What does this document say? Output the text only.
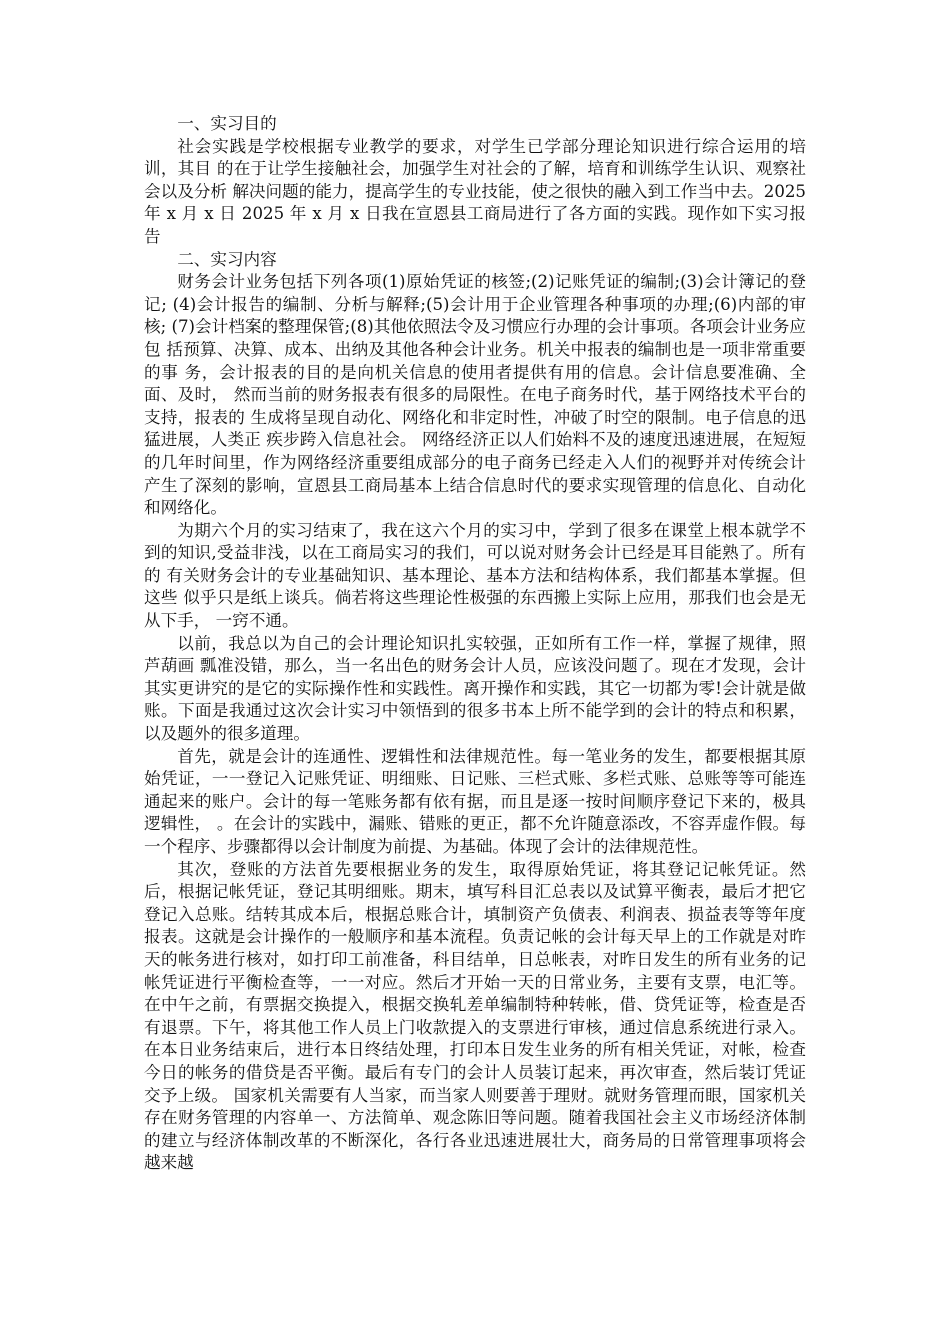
一、实习目的

社会实践是学校根据专业教学的要求，对学生已学部分理论知识进行综合运用的培训，其目 的在于让学生接触社会，加强学生对社会的了解，培育和训练学生认识、观察社会以及分析 解决问题的能力，提高学生的专业技能，使之很快的融入到工作当中去。2025 年 x 月 x 日 2025 年 x 月 x 日我在宣恩县工商局进行了各方面的实践。现作如下实习报告

二、实习内容

财务会计业务包括下列各项(1)原始凭证的核签;(2)记账凭证的编制;(3)会计簿记的登记; (4)会计报告的编制、分析与解释;(5)会计用于企业管理各种事项的办理;(6)内部的审核; (7)会计档案的整理保管;(8)其他依照法令及习惯应行办理的会计事项。各项会计业务应包 括预算、决算、成本、出纳及其他各种会计业务。机关中报表的编制也是一项非常重要的事 务，会计报表的目的是向机关信息的使用者提供有用的信息。会计信息要准确、全面、及时， 然而当前的财务报表有很多的局限性。在电子商务时代，基于网络技术平台的支持，报表的 生成将呈现自动化、网络化和非定时性，冲破了时空的限制。电子信息的迅猛进展，人类正 疾步跨入信息社会。 网络经济正以人们始料不及的速度迅速进展，在短短的几年时间里，作为网络经济重要组成部分的电子商务已经走入人们的视野并对传统会计产生了深刻的影响，宣恩县工商局基本上结合信息时代的要求实现管理的信息化、自动化和网络化。

为期六个月的实习结束了，我在这六个月的实习中，学到了很多在课堂上根本就学不到的知识,受益非浅，以在工商局实习的我们，可以说对财务会计已经是耳目能熟了。所有的 有关财务会计的专业基础知识、基本理论、基本方法和结构体系，我们都基本掌握。但这些 似乎只是纸上谈兵。倘若将这些理论性极强的东西搬上实际上应用，那我们也会是无从下手， 一窍不通。

以前，我总以为自己的会计理论知识扎实较强，正如所有工作一样，掌握了规律，照芦葫画 瓢准没错，那么，当一名出色的财务会计人员，应该没问题了。现在才发现，会计其实更讲究的是它的实际操作性和实践性。离开操作和实践，其它一切都为零!会计就是做账。下面是我通过这次会计实习中领悟到的很多书本上所不能学到的会计的特点和积累，以及题外的很多道理。

首先，就是会计的连通性、逻辑性和法律规范性。每一笔业务的发生，都要根据其原始凭证，一一登记入记账凭证、明细账、日记账、三栏式账、多栏式账、总账等等可能连通起来的账户。会计的每一笔账务都有依有据，而且是逐一按时间顺序登记下来的，极具逻辑性， 。在会计的实践中，漏账、错账的更正，都不允许随意添改，不容弄虚作假。每一个程序、步骤都得以会计制度为前提、为基础。体现了会计的法律规范性。

其次，登账的方法首先要根据业务的发生，取得原始凭证，将其登记记帐凭证。然后，根据记帐凭证，登记其明细账。期末，填写科目汇总表以及试算平衡表，最后才把它登记入总账。结转其成本后，根据总账合计，填制资产负债表、利润表、损益表等等年度报表。这就是会计操作的一般顺序和基本流程。负责记帐的会计每天早上的工作就是对昨天的帐务进行核对，如打印工前准备，科目结单，日总帐表，对昨日发生的所有业务的记帐凭证进行平衡检查等，一一对应。然后才开始一天的日常业务，主要有支票，电汇等。在中午之前，有票据交换提入，根据交换轧差单编制特种转帐，借、贷凭证等，检查是否有退票。下午，将其他工作人员上门收款提入的支票进行审核，通过信息系统进行录入。在本日业务结束后，进行本日终结处理，打印本日发生业务的所有相关凭证，对帐，检查今日的帐务的借贷是否平衡。最后有专门的会计人员装订起来，再次审查，然后装订凭证交予上级。 国家机关需要有人当家，而当家人则要善于理财。就财务管理而眼，国家机关存在财务管理的内容单一、方法简单、观念陈旧等问题。随着我国社会主义市场经济体制的建立与经济体制改革的不断深化，各行各业迅速进展壮大，商务局的日常管理事项将会越来越
